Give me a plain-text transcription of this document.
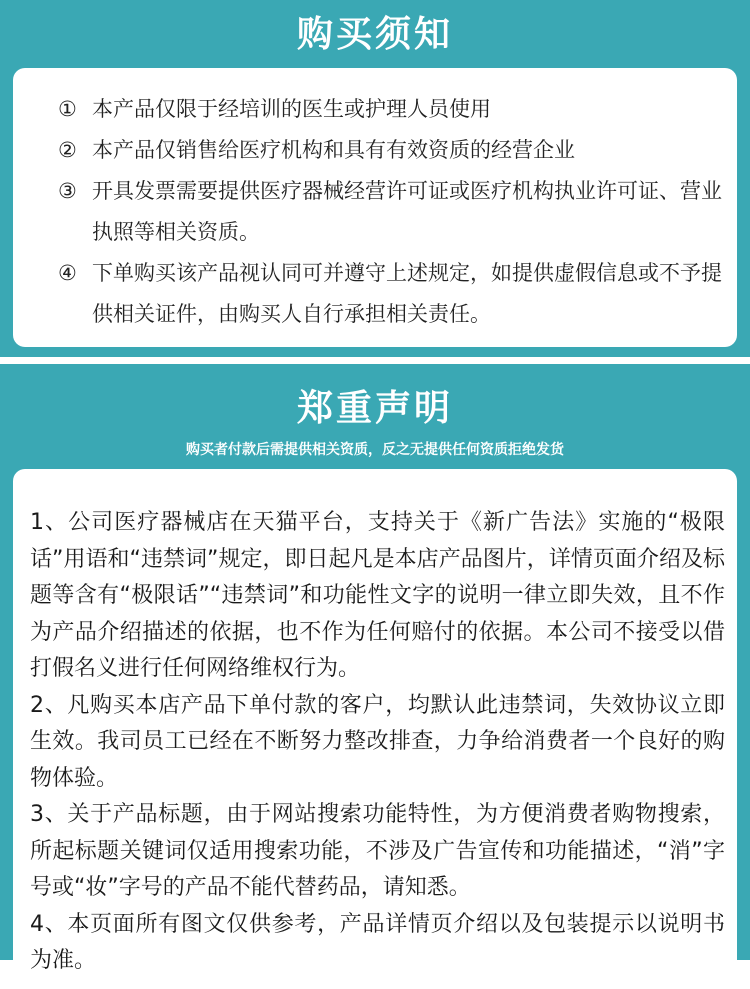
购买须知
① 本产品仅限于经培训的医生或护理人员使用
② 本产品仅销售给医疗机构和具有有效资质的经营企业
③ 开具发票需要提供医疗器械经营许可证或医疗机构执业许可证、营业执照等相关资质。
④ 下单购买该产品视认同可并遵守上述规定，如提供虚假信息或不予提供相关证件，由购买人自行承担相关责任。
郑重声明
购买者付款后需提供相关资质，反之无提供任何资质拒绝发货

1、公司医疗器械店在天猫平台，支持关于《新广告法》实施的“极限话”用语和“违禁词”规定，即日起凡是本店产品图片，详情页面介绍及标题等含有“极限话”“违禁词”和功能性文字的说明一律立即失效，且不作为产品介绍描述的依据，也不作为任何赔付的依据。本公司不接受以借打假名义进行任何网络维权行为。

2、凡购买本店产品下单付款的客户，均默认此违禁词，失效协议立即生效。我司员工已经在不断努力整改排查，力争给消费者一个良好的购物体验。

3、关于产品标题，由于网站搜索功能特性，为方便消费者购物搜索，所起标题关键词仅适用搜索功能，不涉及广告宣传和功能描述，“消”字号或“妆”字号的产品不能代替药品，请知悉。

4、本页面所有图文仅供参考，产品详情页介绍以及包装提示以说明书为准。
